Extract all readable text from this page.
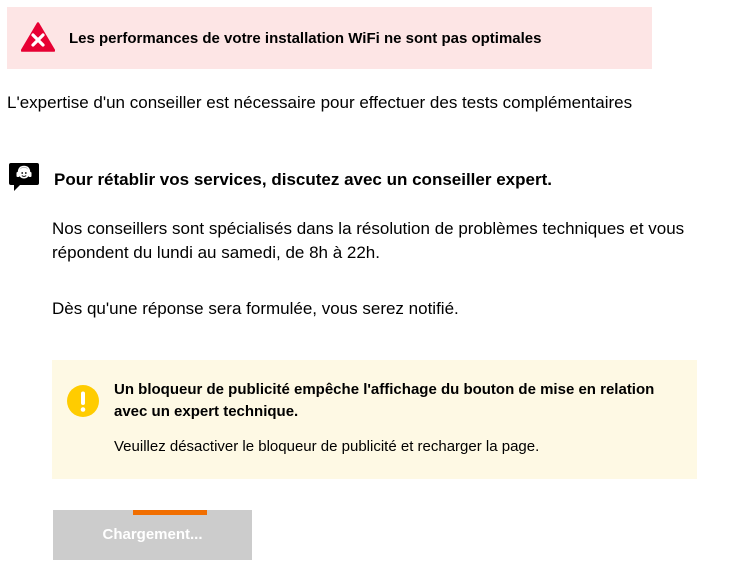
Les performances de votre installation WiFi ne sont pas optimales
L'expertise d'un conseiller est nécessaire pour effectuer des tests complémentaires
Pour rétablir vos services, discutez avec un conseiller expert.
Nos conseillers sont spécialisés dans la résolution de problèmes techniques et vous répondent du lundi au samedi, de 8h à 22h.
Dès qu'une réponse sera formulée, vous serez notifié.
Un bloqueur de publicité empêche l'affichage du bouton de mise en relation avec un expert technique.
Veuillez désactiver le bloqueur de publicité et recharger la page.
Chargement...
